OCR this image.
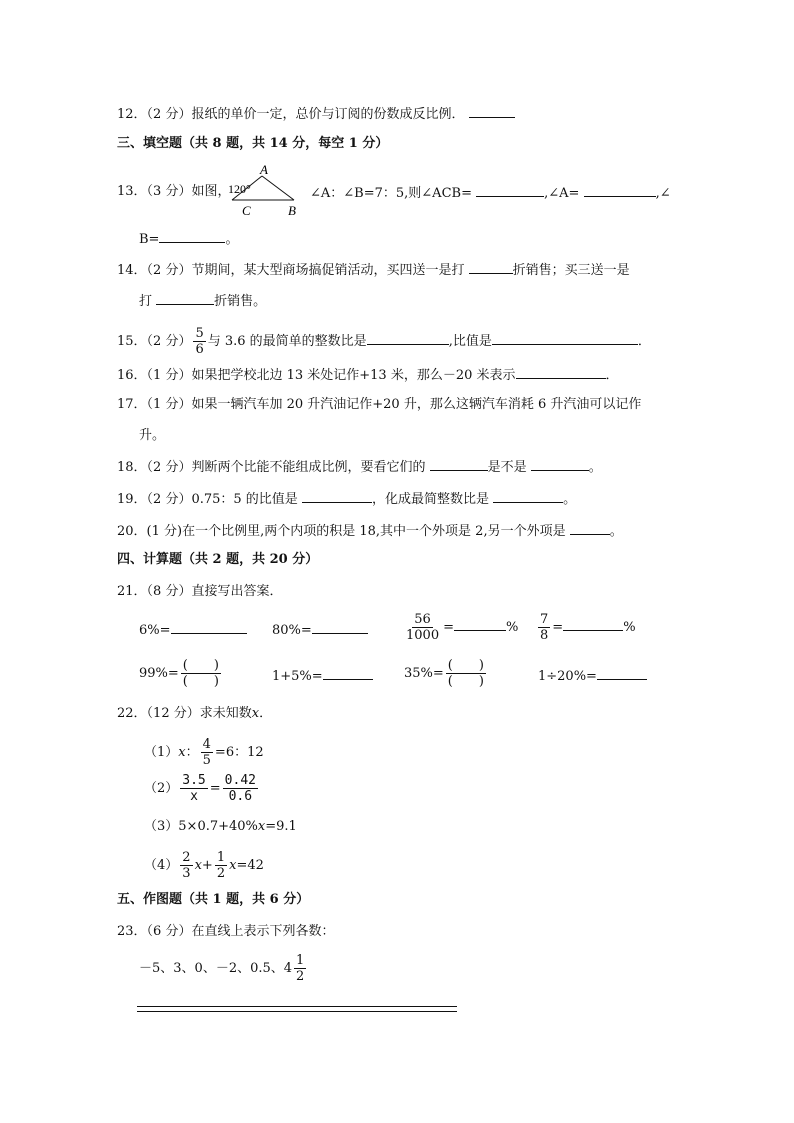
12．（2 分）报纸的单价一定，总价与订阅的份数成反比例．
三、填空题（共 8 题，共 14 分，每空 1 分）
13．（3 分）如图，
A
B
C
120°	∠A：∠B=7：5,则∠ACB=	,∠A=	,∠
B=	。
14．（2 分）节期间，某大型商场搞促销活动，买四送一是打	折销售；买三送一是
打	折销售。
15．（2 分） $\frac{5}{6}$ 与 3.6 的最简单的整数比是	,比值是	．
16．（1 分）如果把学校北边 13 米处记作+13 米，那么－20 米表示	．
17．（1 分）如果一辆汽车加 20 升汽油记作+20 升，那么这辆汽车消耗 6 升汽油可以记作
升。
18．（2 分）判断两个比能不能组成比例，要看它们的	是不是	。
19．（2 分）0.75：5 的比值是	，化成最简整数比是	。
20．(1 分)在一个比例里,两个内项的积是 18,其中一个外项是 2,另一个外项是	。
四、计算题（共 2 题，共 20 分）
21．（8 分）直接写出答案．
6%=	80%=	$\frac{56}{1000}$ =	% $\frac{7}{8}$ =	%
$99\%= \frac{( )}{( )}$	1+5%=	$35\%= \frac{( )}{( )}$	1÷20%=
22．（12 分）求未知数x．
（1）x： $\frac{4}{5} =6$：12
$(2) \frac{3.5}{x} = \frac{0.42}{0.6}$
（3）5×0.7+40%x=9.1
$(4) \frac{2}{3} x+ \frac{1}{2} x=42$
五、作图题（共 1 题，共 6 分）
23．（6 分）在直线上表示下列各数：
－5、3、0、－2、0.5、$4 \frac{1}{2}$
